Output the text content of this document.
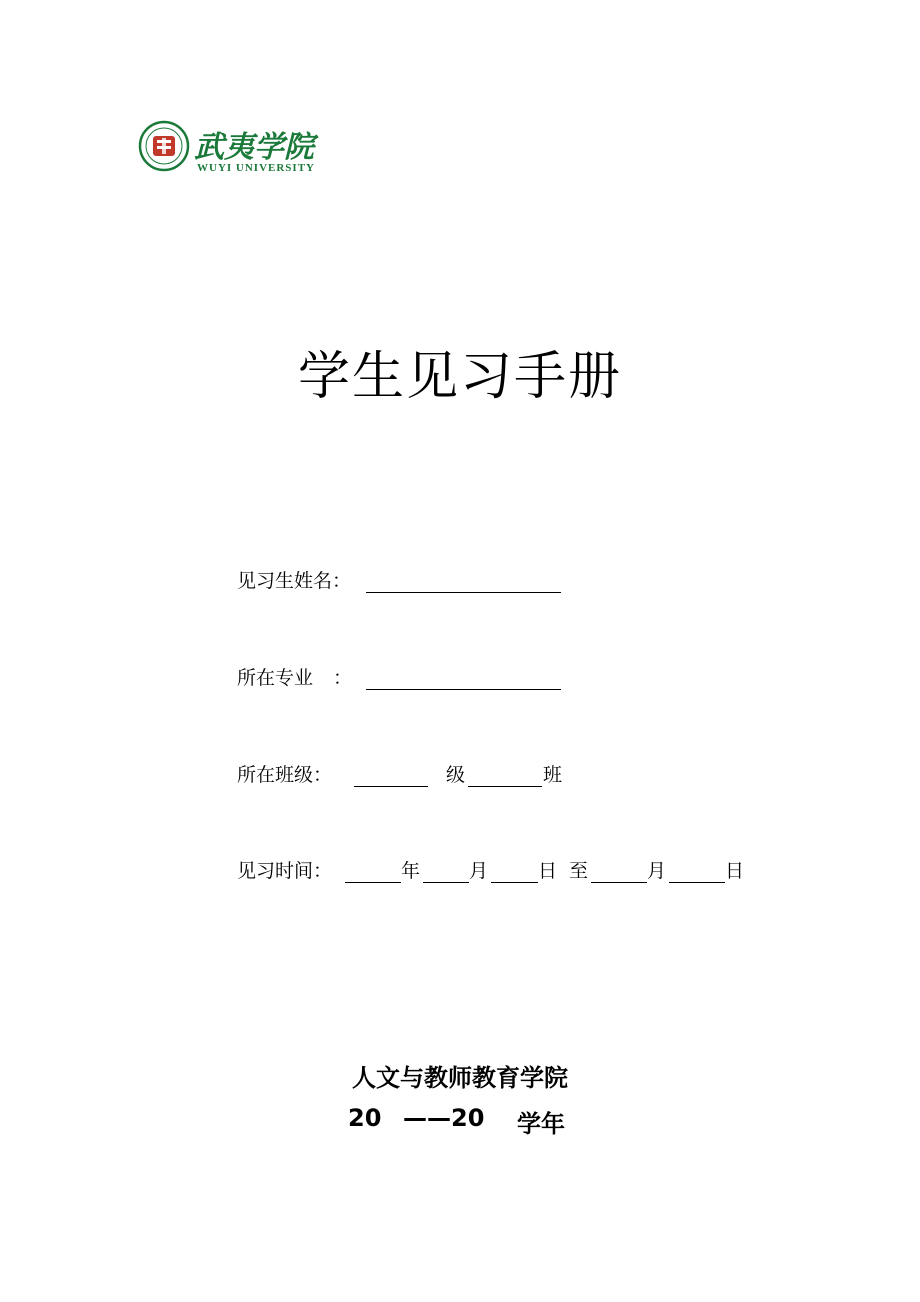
武夷学院
WUYI UNIVERSITY
学生见习手册
见习生姓名：
所在专业 ：
所在班级：	级	班
见习时间：	年	月	日 至	月	日
人文与教师教育学院
20 ——20 学年
